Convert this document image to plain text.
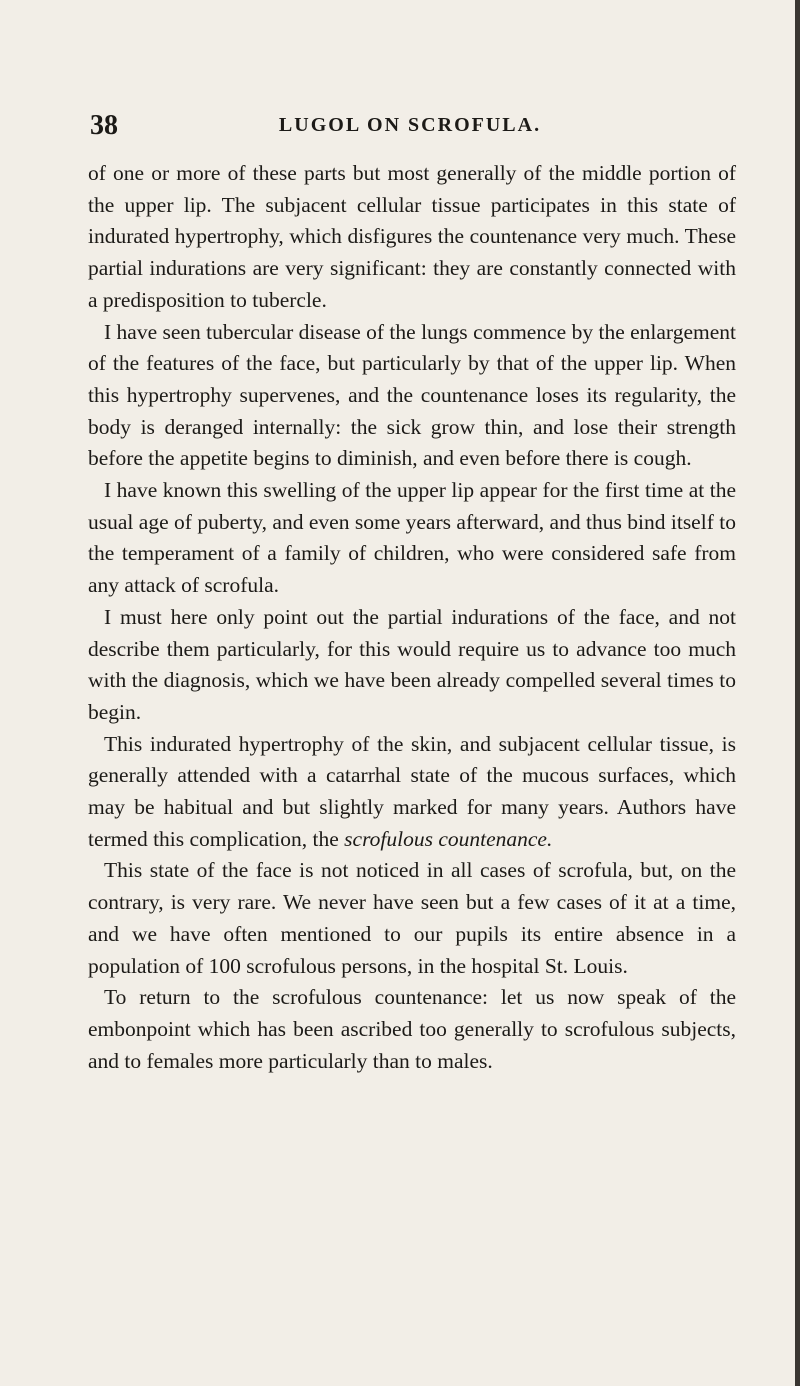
38	LUGOL ON SCROFULA.

of one or more of these parts but most generally of the middle portion of the upper lip. The subjacent cellular tissue participates in this state of indurated hypertrophy, which disfigures the countenance very much. These partial indurations are very significant: they are constantly connected with a predisposition to tubercle.

I have seen tubercular disease of the lungs commence by the enlargement of the features of the face, but particularly by that of the upper lip. When this hypertrophy supervenes, and the countenance loses its regularity, the body is deranged internally: the sick grow thin, and lose their strength before the appetite begins to diminish, and even before there is cough.

I have known this swelling of the upper lip appear for the first time at the usual age of puberty, and even some years afterward, and thus bind itself to the temperament of a family of children, who were considered safe from any attack of scrofula.

I must here only point out the partial indurations of the face, and not describe them particularly, for this would require us to advance too much with the diagnosis, which we have been already compelled several times to begin.

This indurated hypertrophy of the skin, and subjacent cellular tissue, is generally attended with a catarrhal state of the mucous surfaces, which may be habitual and but slightly marked for many years. Authors have termed this complication, the scrofulous countenance.

This state of the face is not noticed in all cases of scrofula, but, on the contrary, is very rare. We never have seen but a few cases of it at a time, and we have often mentioned to our pupils its entire absence in a population of 100 scrofulous persons, in the hospital St. Louis.

To return to the scrofulous countenance: let us now speak of the embonpoint which has been ascribed too generally to scrofulous subjects, and to females more particularly than to males.
